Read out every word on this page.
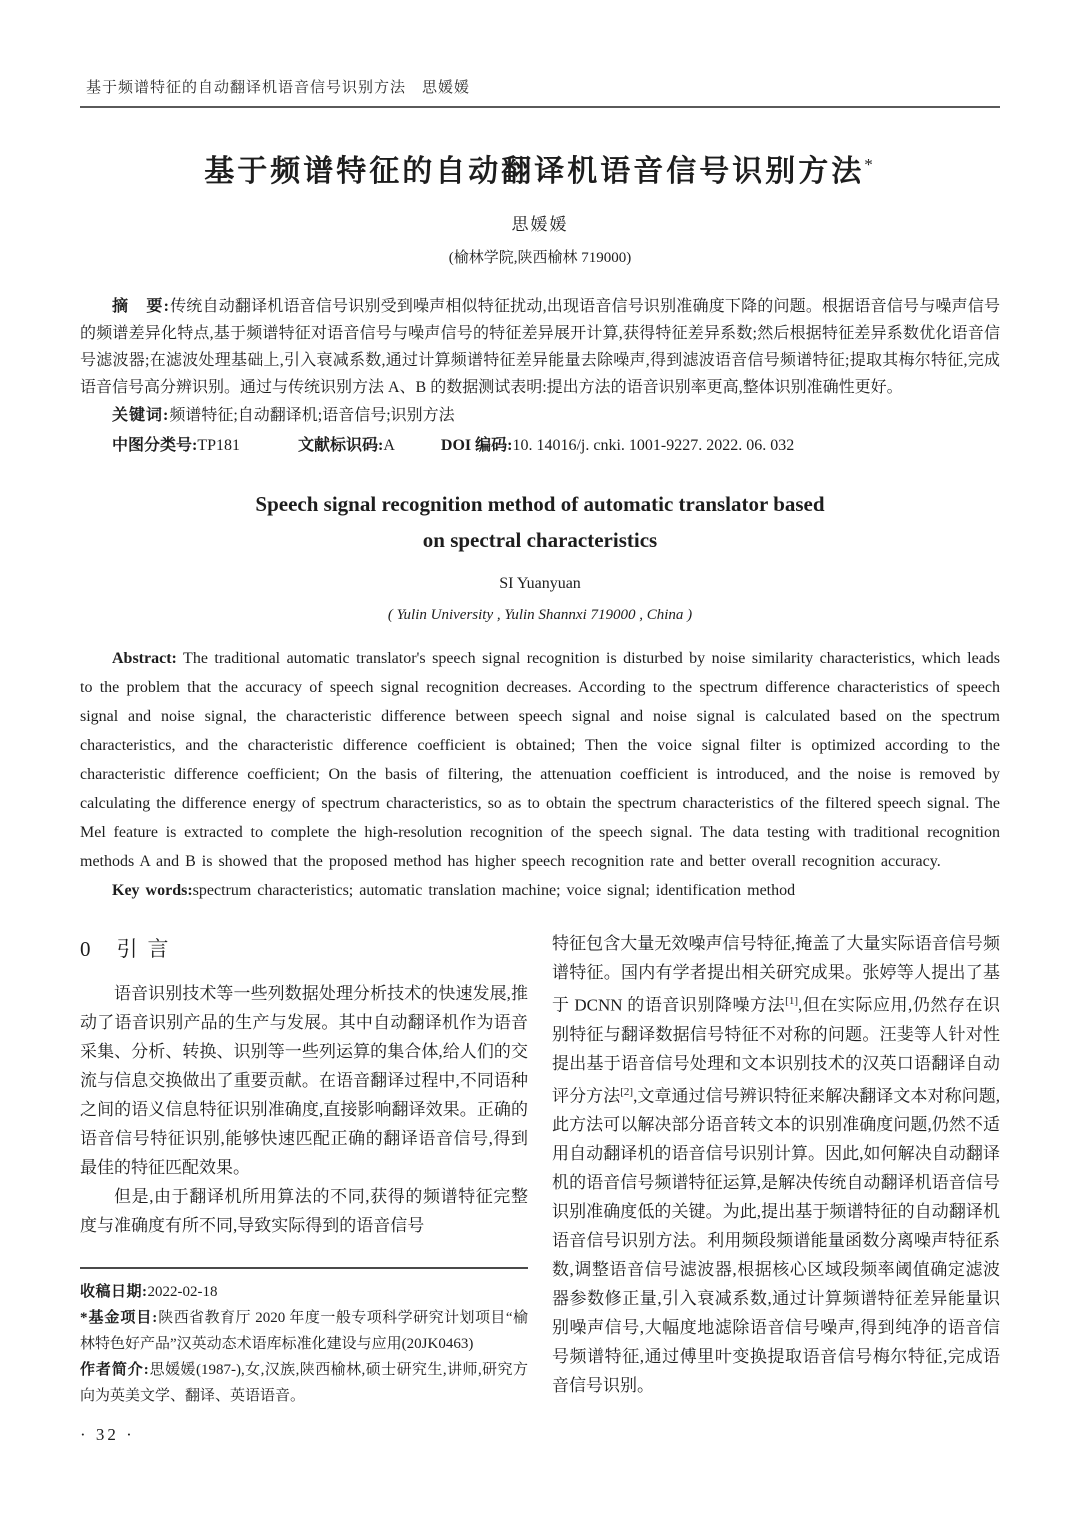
基于频谱特征的自动翻译机语音信号识别方法　思媛媛
基于频谱特征的自动翻译机语音信号识别方法*
思媛媛
(榆林学院,陕西榆林 719000)

摘　要:传统自动翻译机语音信号识别受到噪声相似特征扰动,出现语音信号识别准确度下降的问题。根据语音信号与噪声信号的频谱差异化特点,基于频谱特征对语音信号与噪声信号的特征差异展开计算,获得特征差异系数;然后根据特征差异系数优化语音信号滤波器;在滤波处理基础上,引入衰减系数,通过计算频谱特征差异能量去除噪声,得到滤波语音信号频谱特征;提取其梅尔特征,完成语音信号高分辨识别。通过与传统识别方法 A、B 的数据测试表明:提出方法的语音识别率更高,整体识别准确性更好。

关键词:频谱特征;自动翻译机;语音信号;识别方法

中图分类号:TP181	文献标识码:A	DOI 编码:10. 14016/j. cnki. 1001-9227. 2022. 06. 032

Speech signal recognition method of automatic translator based
on spectral characteristics
SI Yuanyuan
( Yulin University , Yulin Shannxi 719000 , China )

Abstract: The traditional automatic translator's speech signal recognition is disturbed by noise similarity characteristics, which leads to the problem that the accuracy of speech signal recognition decreases. According to the spectrum difference characteristics of speech signal and noise signal, the characteristic difference between speech signal and noise signal is calculated based on the spectrum characteristics, and the characteristic difference coefficient is obtained; Then the voice signal filter is optimized according to the characteristic difference coefficient; On the basis of filtering, the attenuation coefficient is introduced, and the noise is removed by calculating the difference energy of spectrum characteristics, so as to obtain the spectrum characteristics of the filtered speech signal. The Mel feature is extracted to complete the high-resolution recognition of the speech signal. The data testing with traditional recognition methods A and B is showed that the proposed method has higher speech recognition rate and better overall recognition accuracy.

Key words:spectrum characteristics; automatic translation machine; voice signal; identification method

0 引言

语音识别技术等一些列数据处理分析技术的快速发展,推动了语音识别产品的生产与发展。其中自动翻译机作为语音采集、分析、转换、识别等一些列运算的集合体,给人们的交流与信息交换做出了重要贡献。在语音翻译过程中,不同语种之间的语义信息特征识别准确度,直接影响翻译效果。正确的语音信号特征识别,能够快速匹配正确的翻译语音信号,得到最佳的特征匹配效果。

但是,由于翻译机所用算法的不同,获得的频谱特征完整度与准确度有所不同,导致实际得到的语音信号

收稿日期:2022-02-18
*基金项目:陕西省教育厅 2020 年度一般专项科学研究计划项目“榆林特色好产品”汉英动态术语库标准化建设与应用(20JK0463)
作者简介:思媛媛(1987-),女,汉族,陕西榆林,硕士研究生,讲师,研究方向为英美文学、翻译、英语语音。
· 32 ·

特征包含大量无效噪声信号特征,掩盖了大量实际语音信号频谱特征。国内有学者提出相关研究成果。张婷等人提出了基于 DCNN 的语音识别降噪方法[1],但在实际应用,仍然存在识别特征与翻译数据信号特征不对称的问题。汪斐等人针对性提出基于语音信号处理和文本识别技术的汉英口语翻译自动评分方法[2],文章通过信号辨识特征来解决翻译文本对称问题,此方法可以解决部分语音转文本的识别准确度问题,仍然不适用自动翻译机的语音信号识别计算。因此,如何解决自动翻译机的语音信号频谱特征运算,是解决传统自动翻译机语音信号识别准确度低的关键。为此,提出基于频谱特征的自动翻译机语音信号识别方法。利用频段频谱能量函数分离噪声特征系数,调整语音信号滤波器,根据核心区域段频率阈值确定滤波器参数修正量,引入衰减系数,通过计算频谱特征差异能量识别噪声信号,大幅度地滤除语音信号噪声,得到纯净的语音信号频谱特征,通过傅里叶变换提取语音信号梅尔特征,完成语音信号识别。
